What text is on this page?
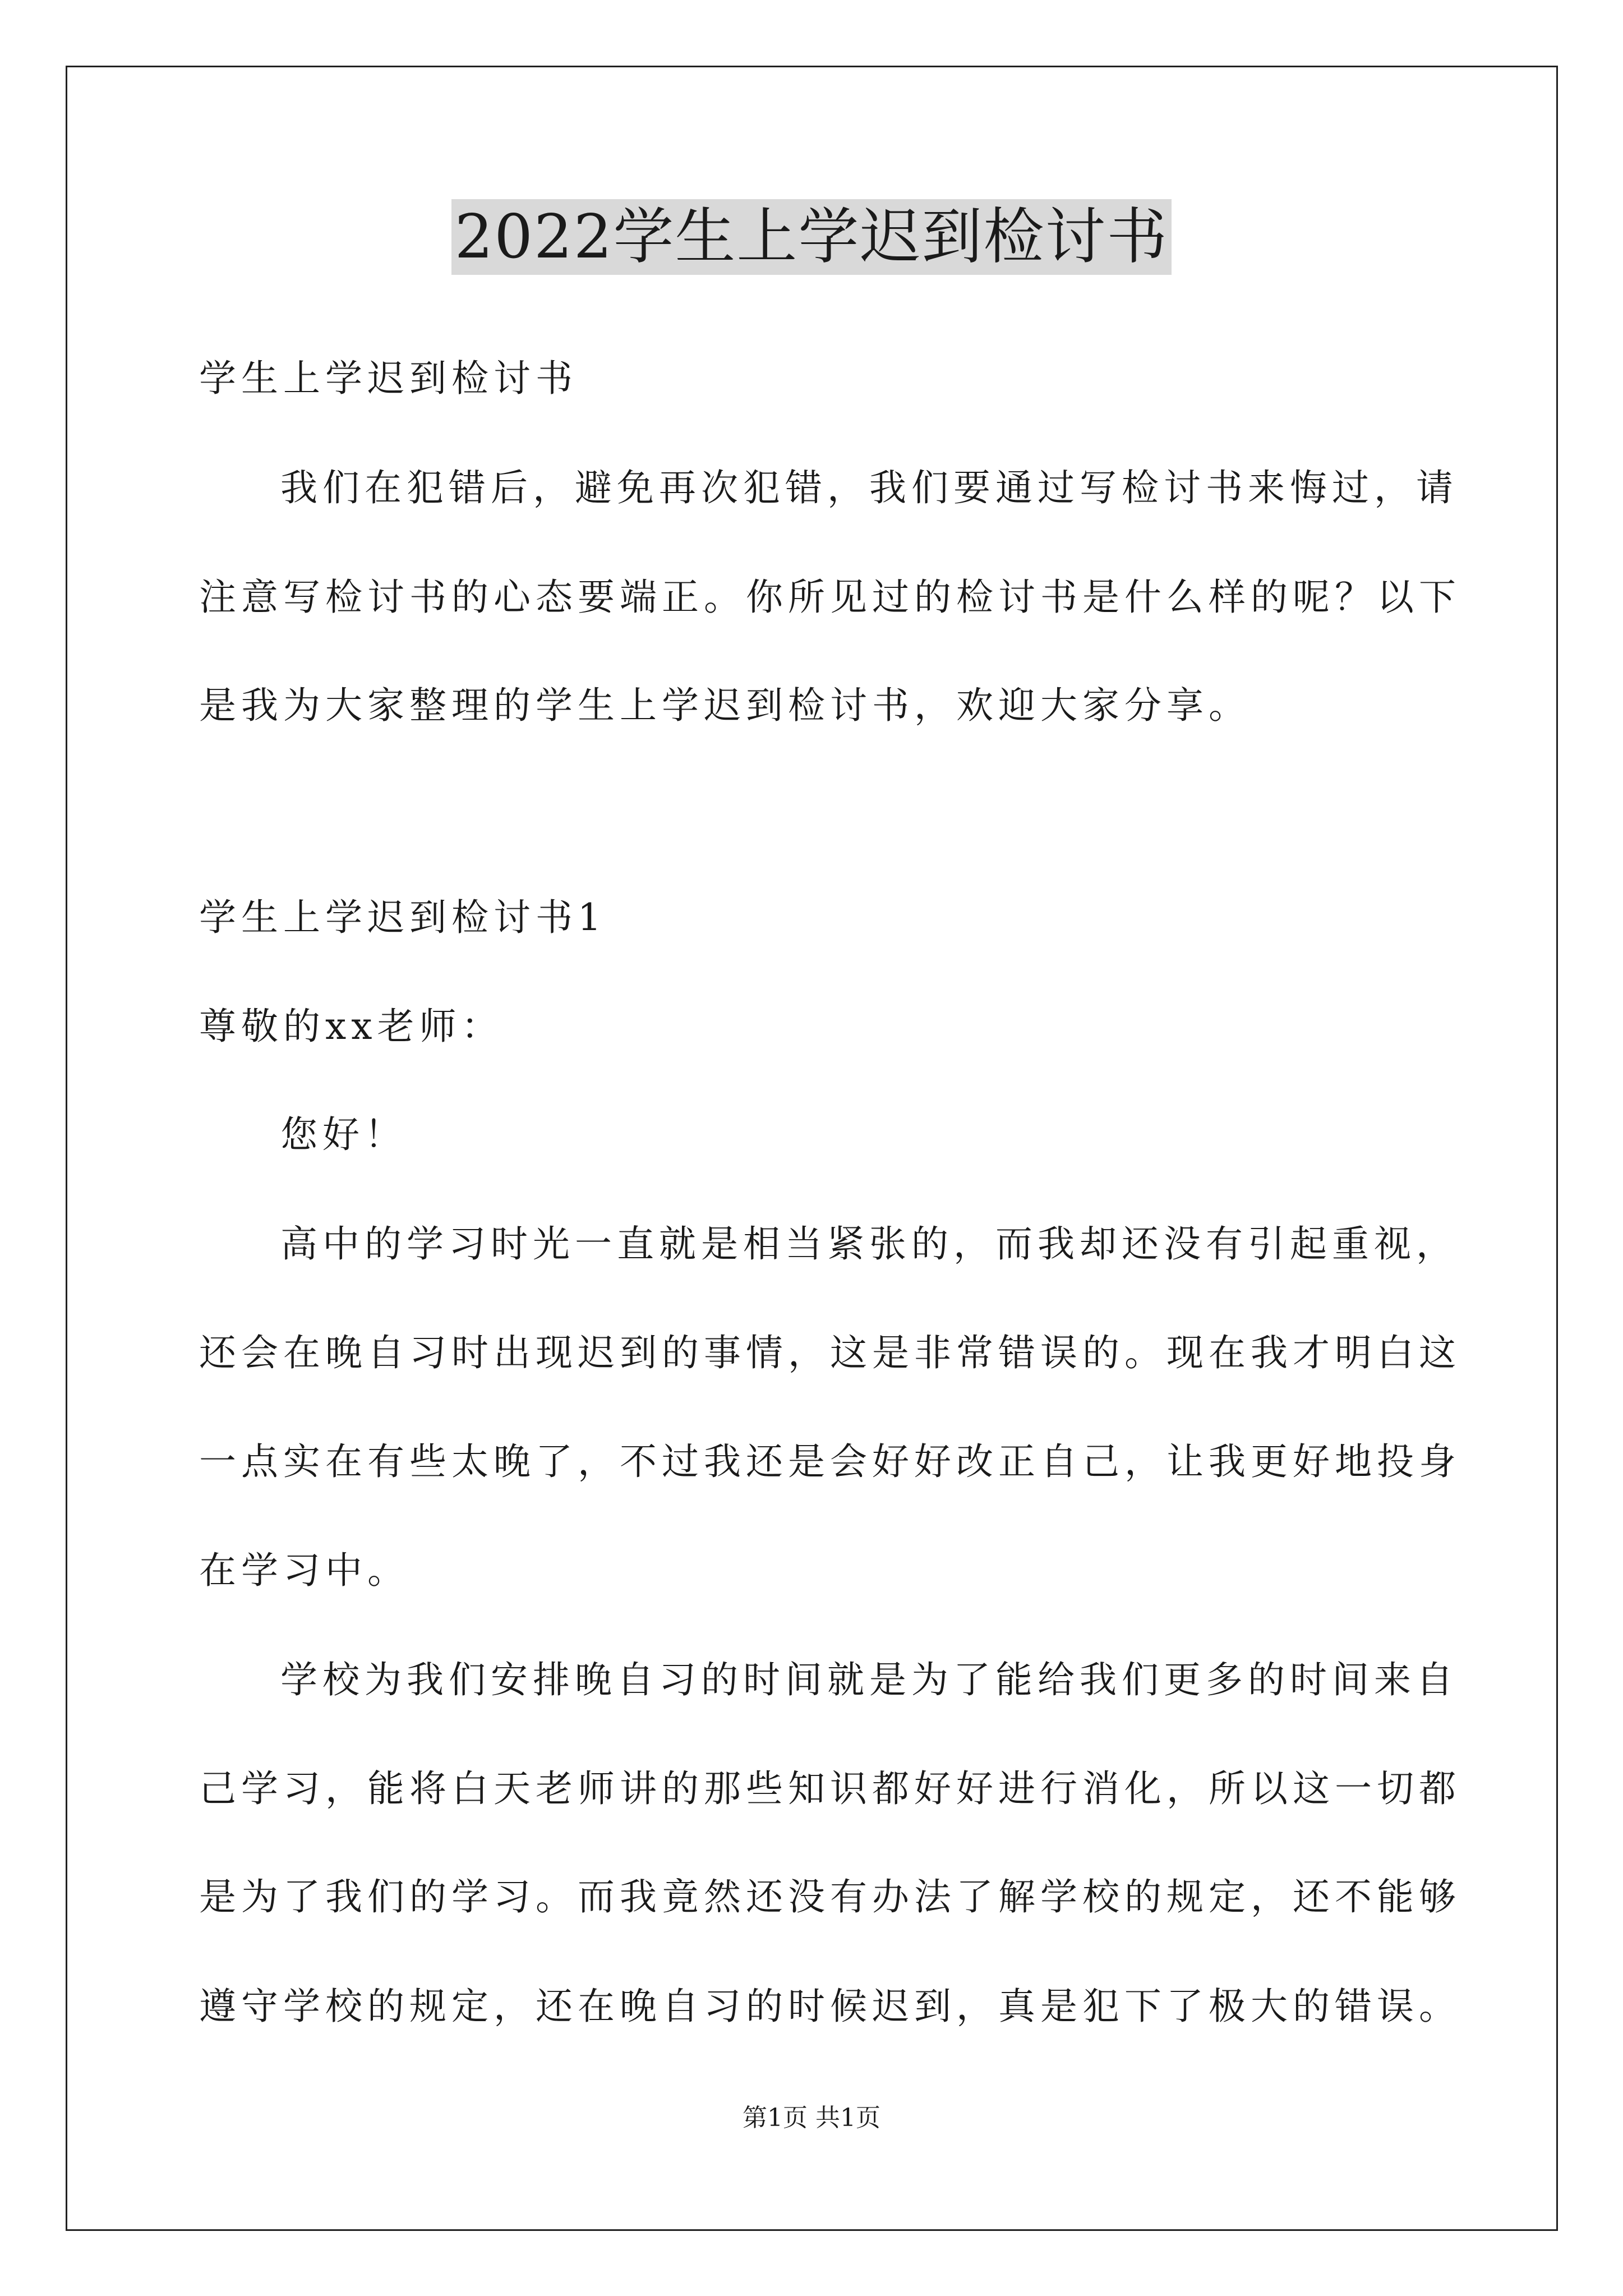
2022学生上学迟到检讨书

学生上学迟到检讨书

我们在犯错后，避免再次犯错，我们要通过写检讨书来悔过，请

注意写检讨书的心态要端正。你所见过的检讨书是什么样的呢？以下

是我为大家整理的学生上学迟到检讨书，欢迎大家分享。

学生上学迟到检讨书1

尊敬的xx老师：

您好！

高中的学习时光一直就是相当紧张的，而我却还没有引起重视，

还会在晚自习时出现迟到的事情，这是非常错误的。现在我才明白这

一点实在有些太晚了，不过我还是会好好改正自己，让我更好地投身

在学习中。

学校为我们安排晚自习的时间就是为了能给我们更多的时间来自

己学习，能将白天老师讲的那些知识都好好进行消化，所以这一切都

是为了我们的学习。而我竟然还没有办法了解学校的规定，还不能够

遵守学校的规定，还在晚自习的时候迟到，真是犯下了极大的错误。

第1页 共1页
